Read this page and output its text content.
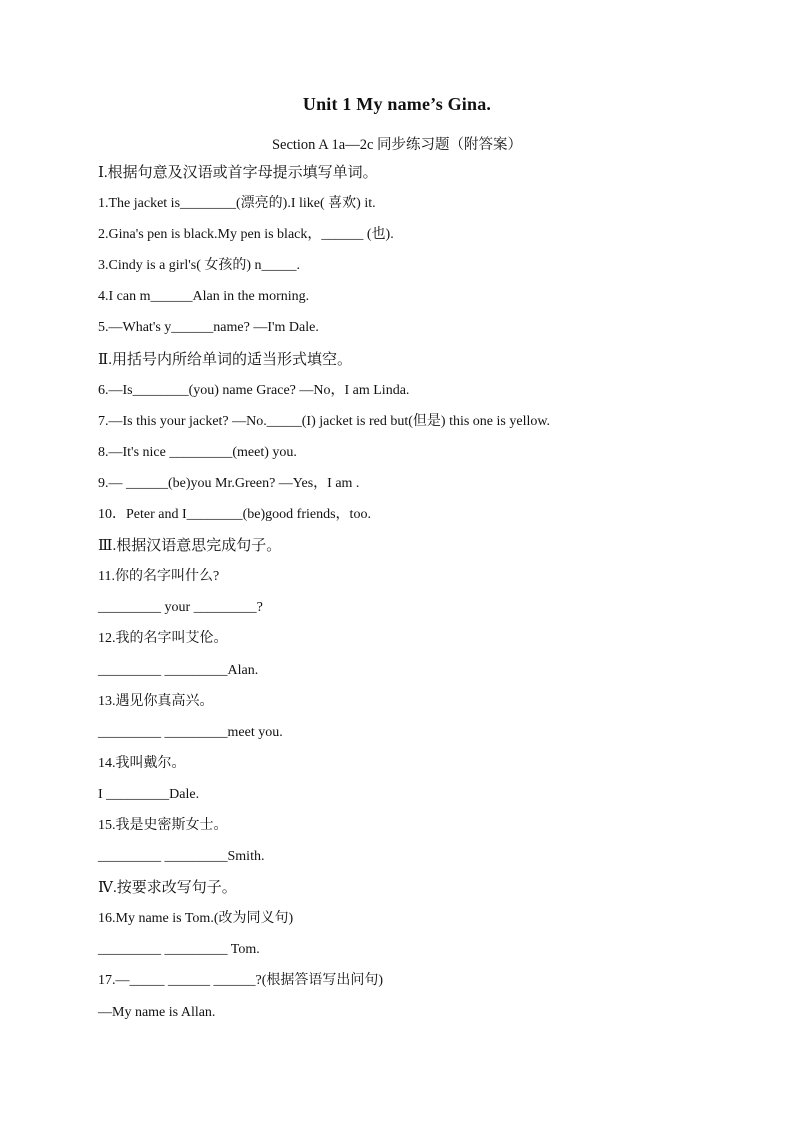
Unit 1 My name’s Gina.
Section A 1a—2c 同步练习题（附答案）
Ⅰ.根据句意及汉语或首字母提示填写单词。
1.The jacket is________(漂亮的).I like( 喜欢) it.
2.Gina's pen is black.My pen is black，______ (也).
3.Cindy is a girl's( 女孩的) n_____.
4.I can m______Alan in the morning.
5.—What's y______name? —I'm Dale.
Ⅱ.用括号内所给单词的适当形式填空。
6.—Is________(you) name Grace? —No，I am Linda.
7.—Is this your jacket? —No._____(I) jacket is red but(但是) this one is yellow.
8.—It's nice _________(meet) you.
9.— ______(be)you Mr.Green? —Yes，I am .
10．Peter and I________(be)good friends，too.
Ⅲ.根据汉语意思完成句子。
11.你的名字叫什么?
_________ your _________?
12.我的名字叫艾伦。
_________ _________Alan.
13.遇见你真高兴。
_________ _________meet you.
14.我叫戴尔。
I _________Dale.
15.我是史密斯女士。
_________ _________Smith.
Ⅳ.按要求改写句子。
16.My name is Tom.(改为同义句)
_________ _________ Tom.
17.—_____ ______ ______?(根据答语写出问句)
—My name is Allan.
